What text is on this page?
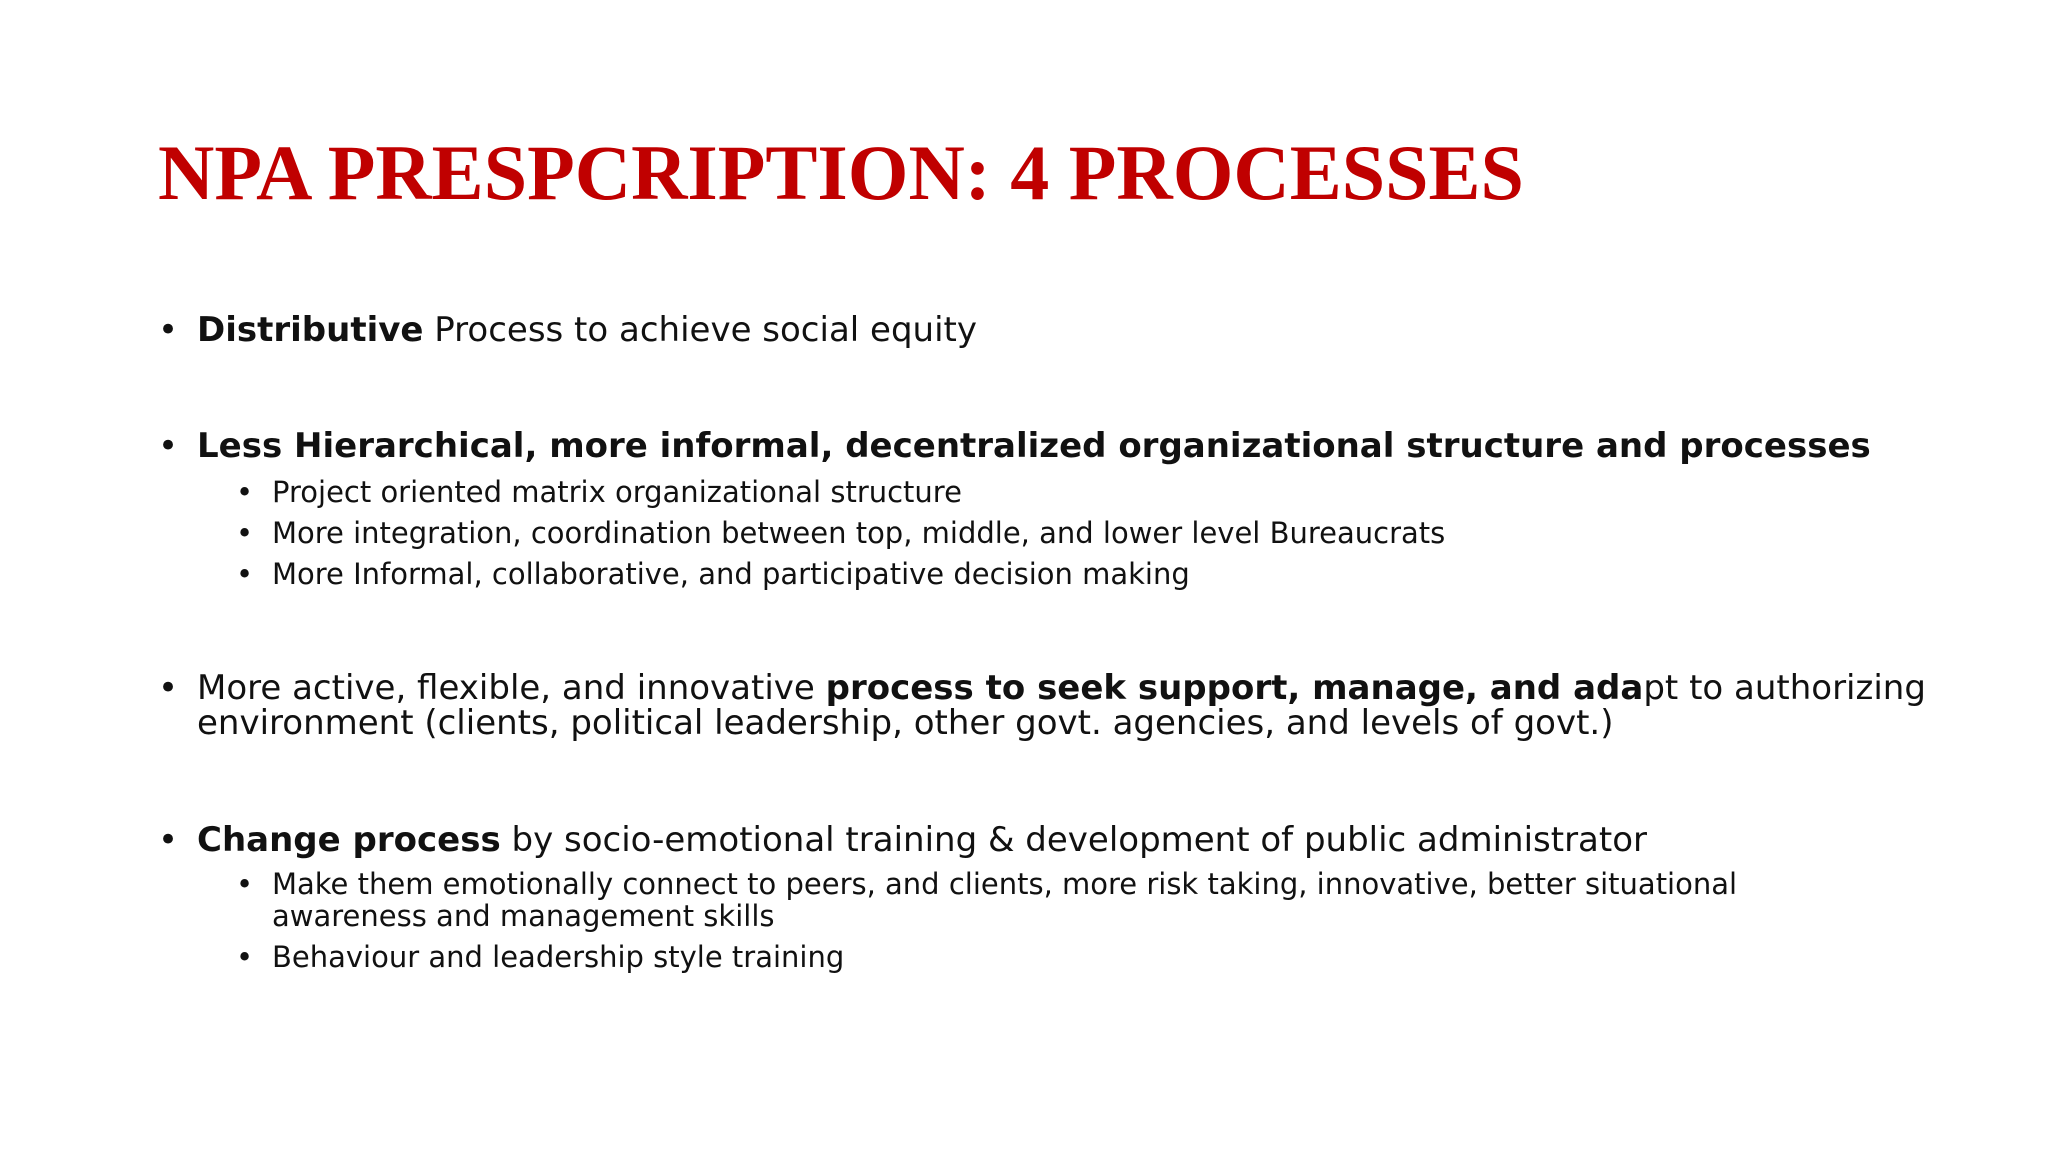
NPA PRESPCRIPTION: 4 PROCESSES
• Distributive Process to achieve social equity
• Less Hierarchical, more informal, decentralized organizational structure and processes
• Project oriented matrix organizational structure
• More integration, coordination between top, middle, and lower level Bureaucrats
• More Informal, collaborative, and participative decision making
• More active, flexible, and innovative process to seek support, manage, and adapt to authorizing
environment (clients, political leadership, other govt. agencies, and levels of govt.)
• Change process by socio-emotional training & development of public administrator
• Make them emotionally connect to peers, and clients, more risk taking, innovative, better situational
awareness and management skills
• Behaviour and leadership style training
